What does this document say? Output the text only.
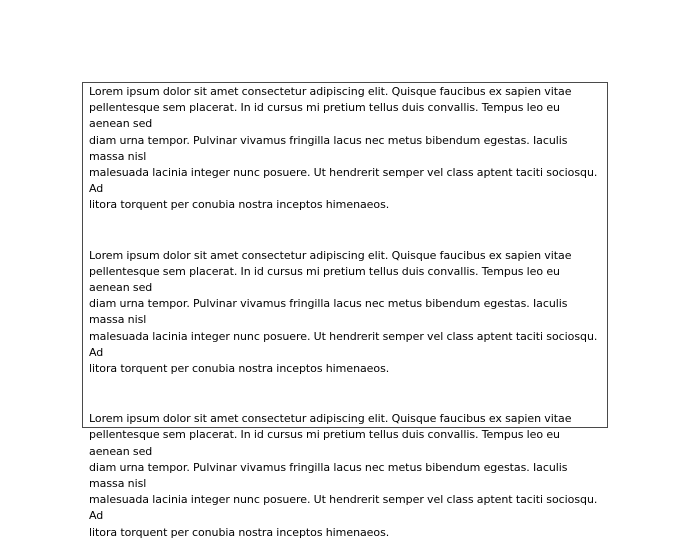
Lorem ipsum dolor sit amet consectetur adipiscing elit. Quisque faucibus ex sapien vitae
pellentesque sem placerat. In id cursus mi pretium tellus duis convallis. Tempus leo eu aenean sed
diam urna tempor. Pulvinar vivamus fringilla lacus nec metus bibendum egestas. Iaculis massa nisl
malesuada lacinia integer nunc posuere. Ut hendrerit semper vel class aptent taciti sociosqu. Ad
litora torquent per conubia nostra inceptos himenaeos.

Lorem ipsum dolor sit amet consectetur adipiscing elit. Quisque faucibus ex sapien vitae
pellentesque sem placerat. In id cursus mi pretium tellus duis convallis. Tempus leo eu aenean sed
diam urna tempor. Pulvinar vivamus fringilla lacus nec metus bibendum egestas. Iaculis massa nisl
malesuada lacinia integer nunc posuere. Ut hendrerit semper vel class aptent taciti sociosqu. Ad
litora torquent per conubia nostra inceptos himenaeos.

Lorem ipsum dolor sit amet consectetur adipiscing elit. Quisque faucibus ex sapien vitae
pellentesque sem placerat. In id cursus mi pretium tellus duis convallis. Tempus leo eu aenean sed
diam urna tempor. Pulvinar vivamus fringilla lacus nec metus bibendum egestas. Iaculis massa nisl
malesuada lacinia integer nunc posuere. Ut hendrerit semper vel class aptent taciti sociosqu. Ad
litora torquent per conubia nostra inceptos himenaeos.
